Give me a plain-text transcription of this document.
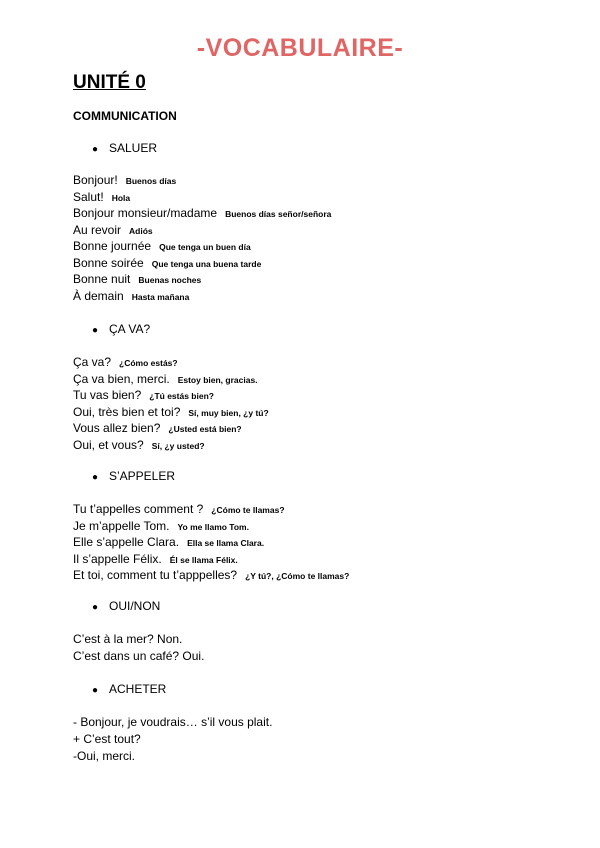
-VOCABULAIRE-
UNITÉ 0
COMMUNICATION
● SALUER
Bonjour! Buenos días
Salut! Hola
Bonjour monsieur/madame Buenos días señor/señora
Au revoir Adiós
Bonne journée Que tenga un buen día
Bonne soirée Que tenga una buena tarde
Bonne nuit Buenas noches
À demain Hasta mañana
● ÇA VA?
Ça va? ¿Cómo estás?
Ça va bien, merci. Estoy bien, gracias.
Tu vas bien? ¿Tú estás bien?
Oui, très bien et toi? Sí, muy bien, ¿y tú?
Vous allez bien? ¿Usted está bien?
Oui, et vous? Sí, ¿y usted?
● S’APPELER
Tu t’appelles comment ? ¿Cómo te llamas?
Je m’appelle Tom. Yo me llamo Tom.
Elle s’appelle Clara. Ella se llama Clara.
Il s’appelle Félix. Él se llama Félix.
Et toi, comment tu t’apppelles? ¿Y tú?, ¿Cómo te llamas?
● OUI/NON
C’est à la mer? Non.
C’est dans un café? Oui.
● ACHETER
- Bonjour, je voudrais… s’il vous plait.
+ C’est tout?
-Oui, merci.
